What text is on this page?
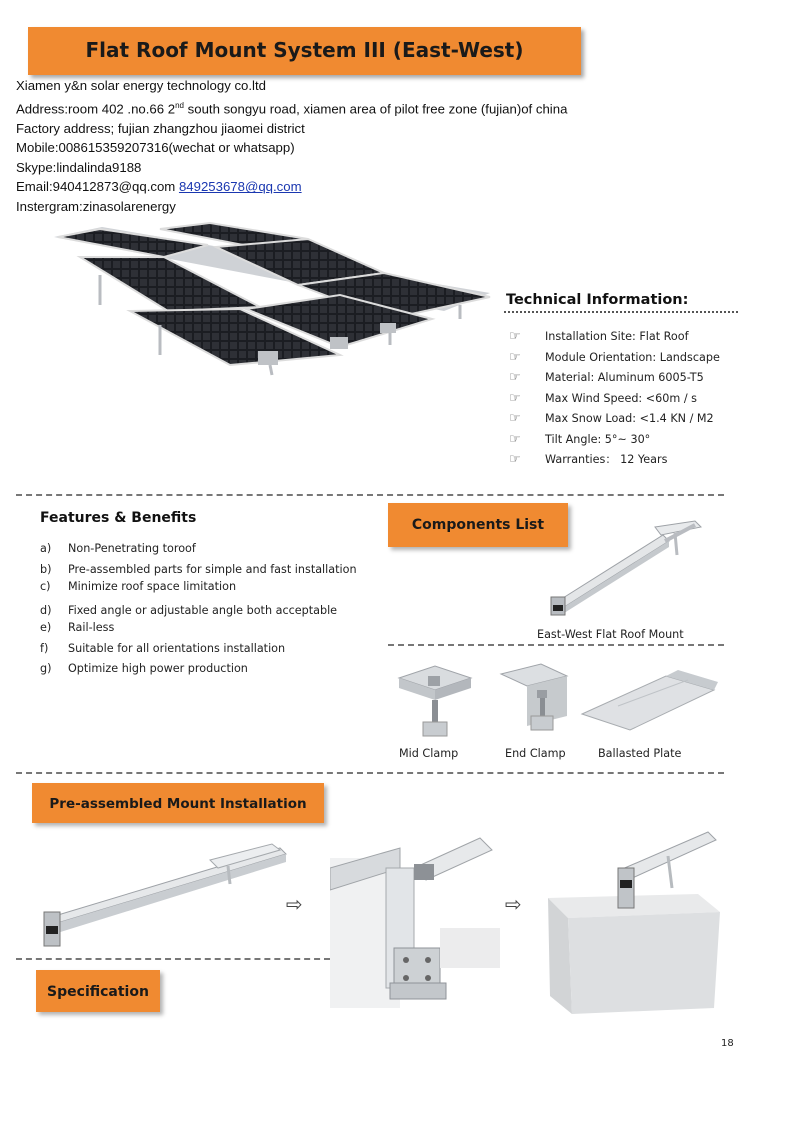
Flat Roof Mount System III (East-West)
Xiamen y&n solar energy technology co.ltd
Address:room 402 .no.66 2nd south songyu road, xiamen area of pilot free zone (fujian)of china
Factory address; fujian zhangzhou jiaomei district
Mobile:008615359207316(wechat or whatsapp)
Skype:lindalinda9188
Email:940412873@qq.com 849253678@qq.com
Instergram:zinasolarenergy
Technical Information:
☞	Installation Site: Flat Roof
☞	Module Orientation: Landscape
☞	Material: Aluminum 6005-T5
☞	Max Wind Speed: <60m / s
☞	Max Snow Load: <1.4 KN / M2
☞	Tilt Angle: 5°~ 30°
☞	Warranties： 12 Years
Features & Benefits
a)	Non-Penetrating toroof
b)	Pre-assembled parts for simple and fast installation
c)	Minimize roof space limitation
d)	Fixed angle or adjustable angle both acceptable
e)	Rail-less
f)	Suitable for all orientations installation
g)	Optimize high power production
Components List
East-West Flat Roof Mount
Mid Clamp	End Clamp	Ballasted Plate
Pre-assembled Mount Installation
⇨	⇨
Specification
18
